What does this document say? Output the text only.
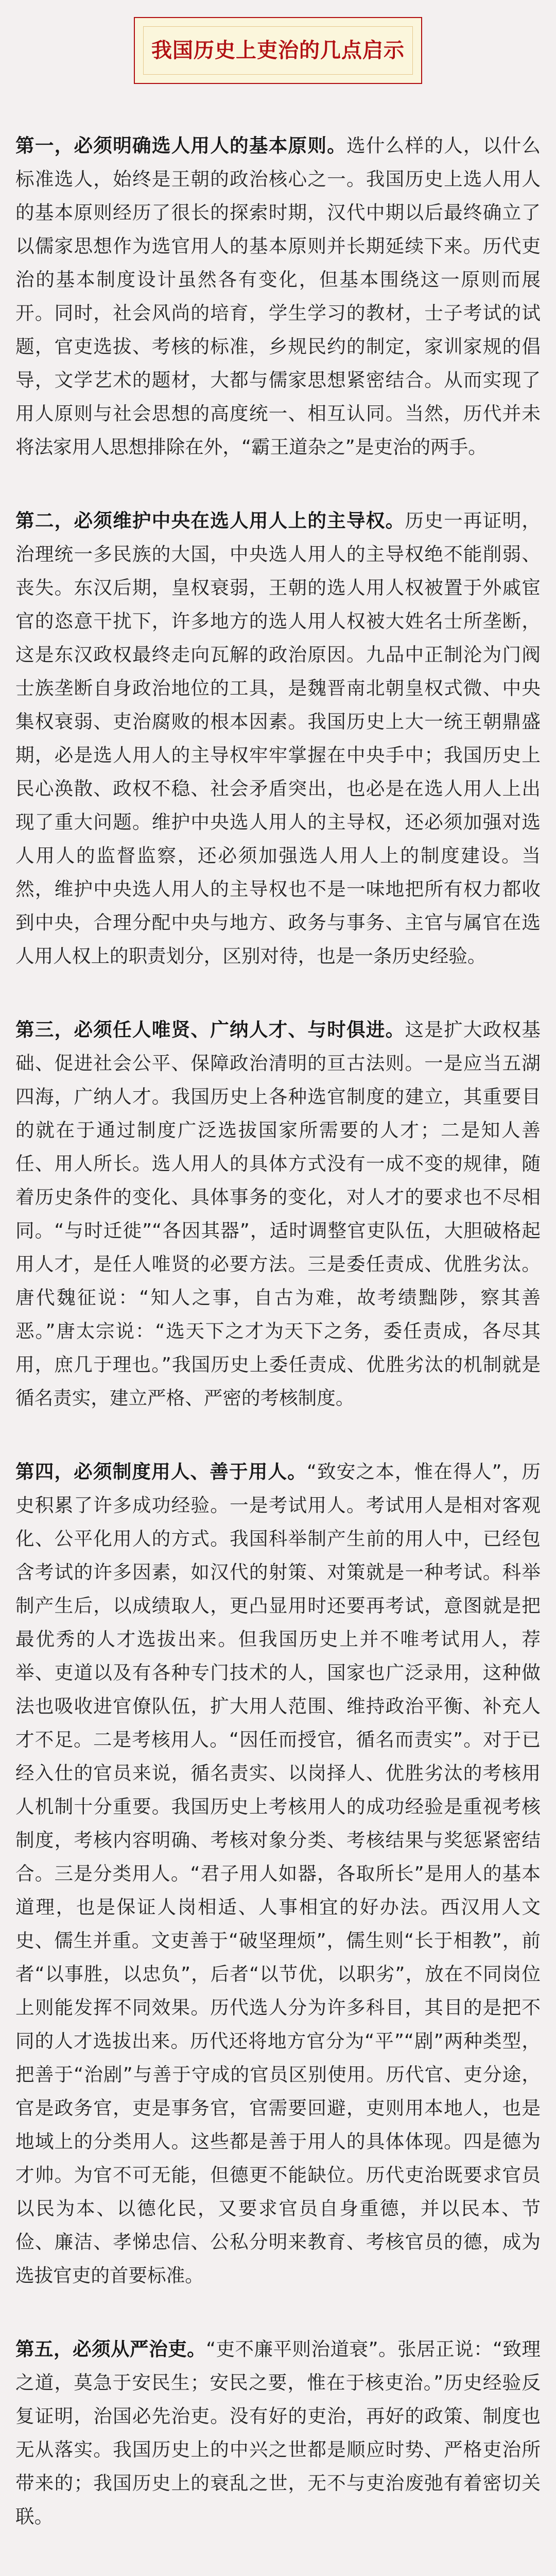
我国历史上吏治的几点启示

第一，必须明确选人用人的基本原则。选什么样的人，以什么标准选人，始终是王朝的政治核心之一。我国历史上选人用人的基本原则经历了很长的探索时期，汉代中期以后最终确立了以儒家思想作为选官用人的基本原则并长期延续下来。历代吏治的基本制度设计虽然各有变化，但基本围绕这一原则而展开。同时，社会风尚的培育，学生学习的教材，士子考试的试题，官吏选拔、考核的标准，乡规民约的制定，家训家规的倡导，文学艺术的题材，大都与儒家思想紧密结合。从而实现了用人原则与社会思想的高度统一、相互认同。当然，历代并未将法家用人思想排除在外，“霸王道杂之”是吏治的两手。

第二，必须维护中央在选人用人上的主导权。历史一再证明，治理统一多民族的大国，中央选人用人的主导权绝不能削弱、丧失。东汉后期，皇权衰弱，王朝的选人用人权被置于外戚宦官的恣意干扰下，许多地方的选人用人权被大姓名士所垄断，这是东汉政权最终走向瓦解的政治原因。九品中正制沦为门阀士族垄断自身政治地位的工具，是魏晋南北朝皇权式微、中央集权衰弱、吏治腐败的根本因素。我国历史上大一统王朝鼎盛期，必是选人用人的主导权牢牢掌握在中央手中；我国历史上民心涣散、政权不稳、社会矛盾突出，也必是在选人用人上出现了重大问题。维护中央选人用人的主导权，还必须加强对选人用人的监督监察，还必须加强选人用人上的制度建设。当然，维护中央选人用人的主导权也不是一味地把所有权力都收到中央，合理分配中央与地方、政务与事务、主官与属官在选人用人权上的职责划分，区别对待，也是一条历史经验。

第三，必须任人唯贤、广纳人才、与时俱进。这是扩大政权基础、促进社会公平、保障政治清明的亘古法则。一是应当五湖四海，广纳人才。我国历史上各种选官制度的建立，其重要目的就在于通过制度广泛选拔国家所需要的人才；二是知人善任、用人所长。选人用人的具体方式没有一成不变的规律，随着历史条件的变化、具体事务的变化，对人才的要求也不尽相同。“与时迁徙”“各因其器”，适时调整官吏队伍，大胆破格起用人才，是任人唯贤的必要方法。三是委任责成、优胜劣汰。唐代魏征说：“知人之事，自古为难，故考绩黜陟，察其善恶。”唐太宗说：“选天下之才为天下之务，委任责成，各尽其用，庶几于理也。”我国历史上委任责成、优胜劣汰的机制就是循名责实，建立严格、严密的考核制度。

第四，必须制度用人、善于用人。“致安之本，惟在得人”，历史积累了许多成功经验。一是考试用人。考试用人是相对客观化、公平化用人的方式。我国科举制产生前的用人中，已经包含考试的许多因素，如汉代的射策、对策就是一种考试。科举制产生后，以成绩取人，更凸显用时还要再考试，意图就是把最优秀的人才选拔出来。但我国历史上并不唯考试用人，荐举、吏道以及有各种专门技术的人，国家也广泛录用，这种做法也吸收进官僚队伍，扩大用人范围、维持政治平衡、补充人才不足。二是考核用人。“因任而授官，循名而责实”。对于已经入仕的官员来说，循名责实、以岗择人、优胜劣汰的考核用人机制十分重要。我国历史上考核用人的成功经验是重视考核制度，考核内容明确、考核对象分类、考核结果与奖惩紧密结合。三是分类用人。“君子用人如器，各取所长”是用人的基本道理，也是保证人岗相适、人事相宜的好办法。西汉用人文史、儒生并重。文吏善于“破坚理烦”，儒生则“长于相教”，前者“以事胜，以忠负”，后者“以节优，以职劣”，放在不同岗位上则能发挥不同效果。历代选人分为许多科目，其目的是把不同的人才选拔出来。历代还将地方官分为“平”“剧”两种类型，把善于“治剧”与善于守成的官员区别使用。历代官、吏分途，官是政务官，吏是事务官，官需要回避，吏则用本地人，也是地域上的分类用人。这些都是善于用人的具体体现。四是德为才帅。为官不可无能，但德更不能缺位。历代吏治既要求官员以民为本、以德化民，又要求官员自身重德，并以民本、节俭、廉洁、孝悌忠信、公私分明来教育、考核官员的德，成为选拔官吏的首要标准。

第五，必须从严治吏。“吏不廉平则治道衰”。张居正说：“致理之道，莫急于安民生；安民之要，惟在于核吏治。”历史经验反复证明，治国必先治吏。没有好的吏治，再好的政策、制度也无从落实。我国历史上的中兴之世都是顺应时势、严格吏治所带来的；我国历史上的衰乱之世，无不与吏治废弛有着密切关联。
